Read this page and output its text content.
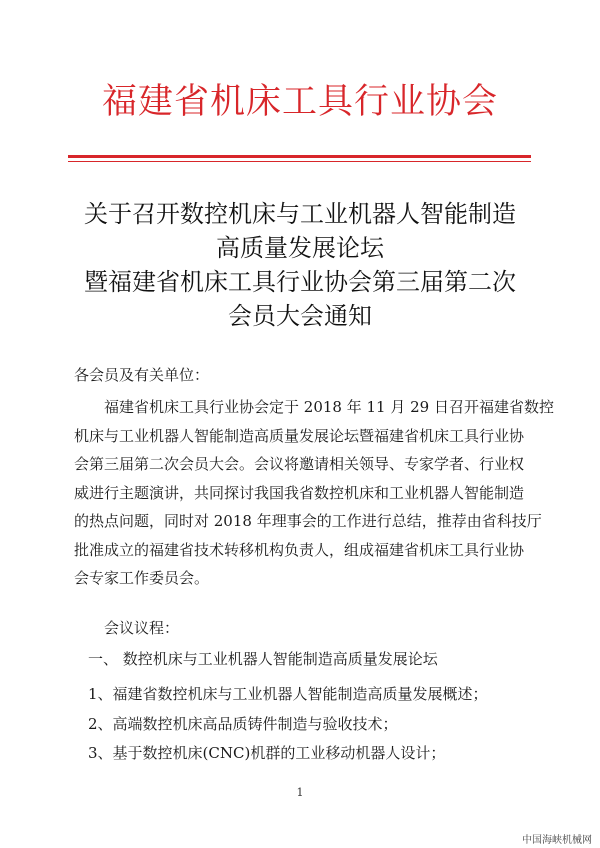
福建省机床工具行业协会
关于召开数控机床与工业机器人智能制造
高质量发展论坛
暨福建省机床工具行业协会第三届第二次
会员大会通知
各会员及有关单位：
福建省机床工具行业协会定于 2018 年 11 月 29 日召开福建省数控
机床与工业机器人智能制造高质量发展论坛暨福建省机床工具行业协
会第三届第二次会员大会。会议将邀请相关领导、专家学者、行业权
威进行主题演讲，共同探讨我国我省数控机床和工业机器人智能制造
的热点问题，同时对 2018 年理事会的工作进行总结，推荐由省科技厅
批准成立的福建省技术转移机构负责人，组成福建省机床工具行业协
会专家工作委员会。
会议议程：
一、 数控机床与工业机器人智能制造高质量发展论坛
1、福建省数控机床与工业机器人智能制造高质量发展概述；
2、高端数控机床高品质铸件制造与验收技术；
3、基于数控机床(CNC)机群的工业移动机器人设计；
1
中国海峡机械网
